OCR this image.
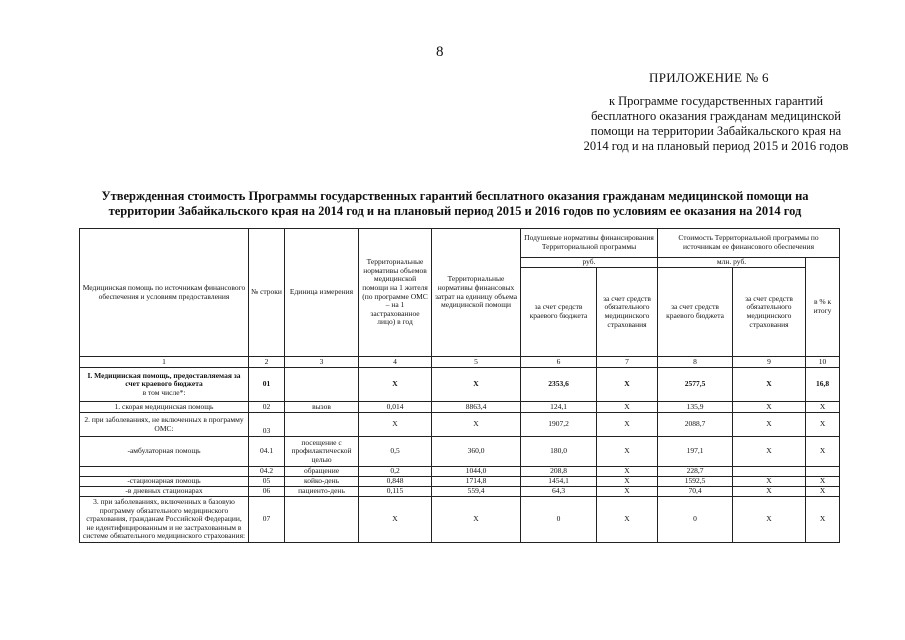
8
ПРИЛОЖЕНИЕ № 6
к Программе государственных гарантий бесплатного оказания гражданам медицинской помощи на территории Забайкальского края на 2014 год и на плановый период 2015 и 2016 годов
Утвержденная стоимость Программы государственных гарантий бесплатного оказания гражданам медицинской помощи на
территории Забайкальского края на 2014 год и на плановый период 2015 и 2016 годов по условиям ее оказания на 2014 год
Медицинская помощь по источникам финансового обеспечения и условиям предоставления	№ строки	Единица измерения	Территориальные нормативы объемов медицинской помощи на 1 жителя (по программе ОМС – на 1 застрахованное лицо) в год	Территориальные нормативы финансовых затрат на единицу объема медицинской помощи	Подушевые нормативы финансирования Территориальной программы		Стоимость Территориальной программы по источникам ее финансового обеспечения		
					руб.		млн. руб.		в % к итогу
					за счет средств краевого бюджета	за счет средств обязательного медицинского страхования	за счет средств краевого бюджета	за счет средств обязательного медицинского страхования	
1	2	3	4	5	6	7	8	9	10

I. Медицинская помощь, предоставляемая за счет краевого бюджета
в том числе*:	01		Х	Х	2353,6	Х	2577,5	Х	16,8
1. скорая медицинская помощь	02	вызов	0,014	8863,4	124,1	Х	135,9	Х	Х
2. при заболеваниях, не включенных в программу ОМС:	03		Х	Х	1907,2	Х	2088,7	Х	Х
-амбулаторная помощь	04.1	посещение с профилактической целью	0,5	360,0	180,0	Х	197,1	Х	Х
	04.2	обращение	0,2	1044,0	208,8	Х	228,7		
-стационарная помощь	05	койко-день	0,848	1714,8	1454,1	Х	1592,5	Х	Х
-в дневных стационарах	06	пациенто-день	0,115	559,4	64,3	Х	70,4	Х	Х
3. при заболеваниях, включенных в базовую программу обязательного медицинского страхования, гражданам Российской Федерации, не идентифицированным и не застрахованным в системе обязательного медицинского страхования:	07		Х	Х	0	Х	0	Х	Х
